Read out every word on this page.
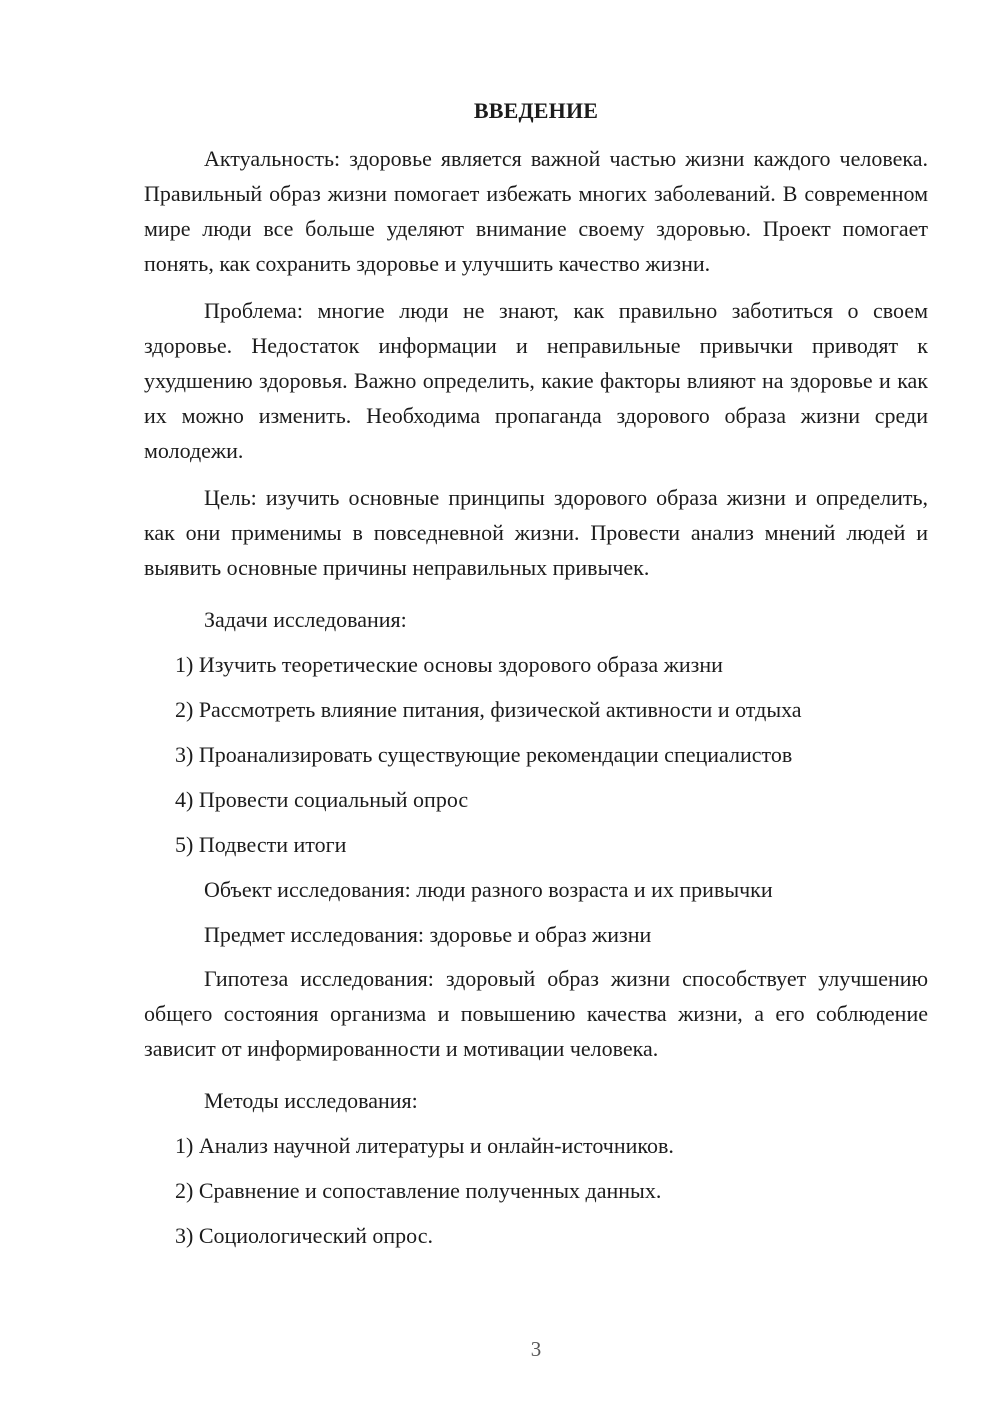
ВВЕДЕНИЕ

Актуальность: здоровье является важной частью жизни каждого человека. Правильный образ жизни помогает избежать многих заболеваний. В современном мире люди все больше уделяют внимание своему здоровью. Проект помогает понять, как сохранить здоровье и улучшить качество жизни.

Проблема: многие люди не знают, как правильно заботиться о своем здоровье. Недостаток информации и неправильные привычки приводят к ухудшению здоровья. Важно определить, какие факторы влияют на здоровье и как их можно изменить. Необходима пропаганда здорового образа жизни среди молодежи.

Цель: изучить основные принципы здорового образа жизни и определить, как они применимы в повседневной жизни. Провести анализ мнений людей и выявить основные причины неправильных привычек.

Задачи исследования:

1) Изучить теоретические основы здорового образа жизни
2) Рассмотреть влияние питания, физической активности и отдыха
3) Проанализировать существующие рекомендации специалистов
4) Провести социальный опрос
5) Подвести итоги

Объект исследования: люди разного возраста и их привычки

Предмет исследования: здоровье и образ жизни

Гипотеза исследования: здоровый образ жизни способствует улучшению общего состояния организма и повышению качества жизни, а его соблюдение зависит от информированности и мотивации человека.

Методы исследования:

1) Анализ научной литературы и онлайн-источников.
2) Сравнение и сопоставление полученных данных.
3) Социологический опрос.
3
